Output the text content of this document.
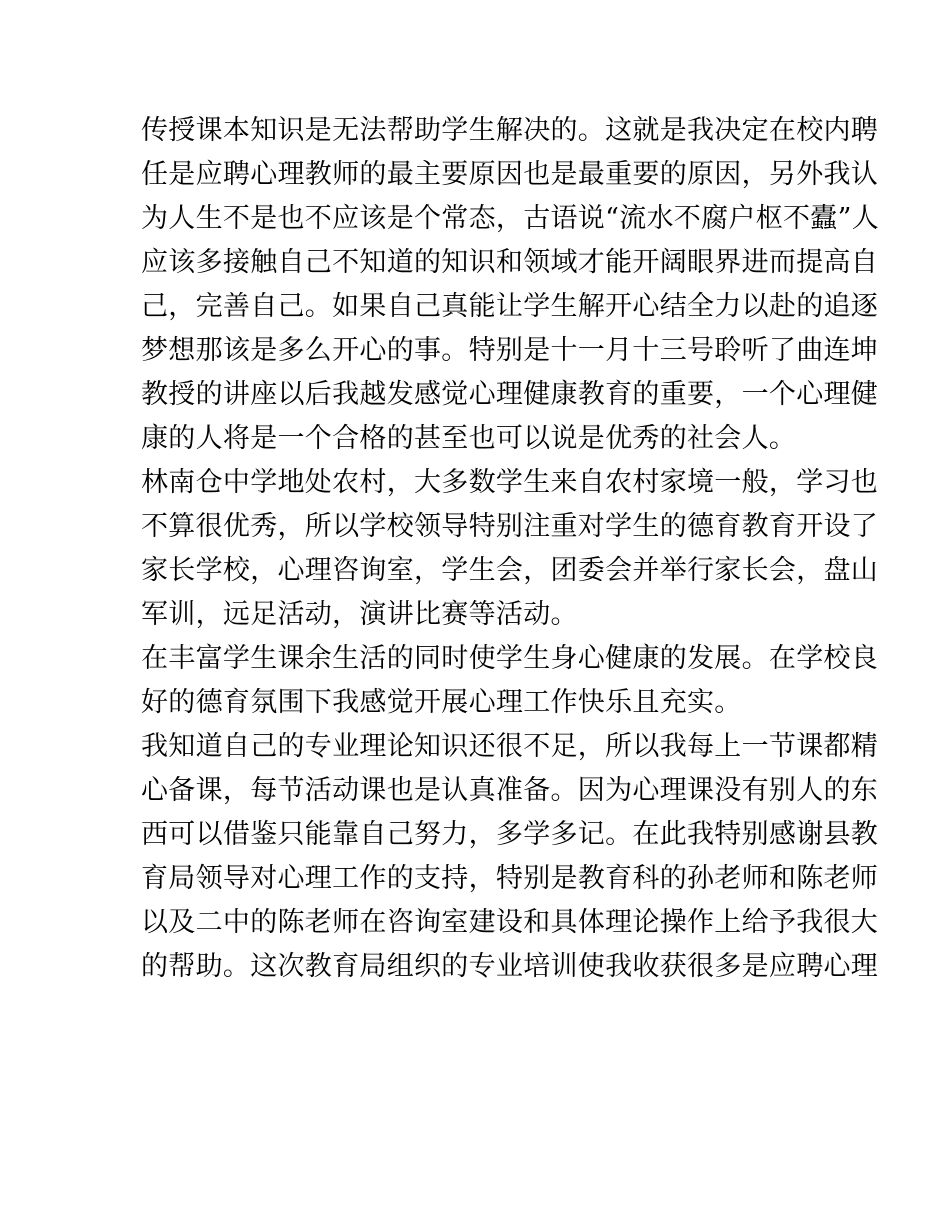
传授课本知识是无法帮助学生解决的。这就是我决定在校内聘
任是应聘心理教师的最主要原因也是最重要的原因，另外我认
为人生不是也不应该是个常态，古语说“流水不腐户枢不蠹”人
应该多接触自己不知道的知识和领域才能开阔眼界进而提高自
己，完善自己。如果自己真能让学生解开心结全力以赴的追逐
梦想那该是多么开心的事。特别是十一月十三号聆听了曲连坤
教授的讲座以后我越发感觉心理健康教育的重要，一个心理健
康的人将是一个合格的甚至也可以说是优秀的社会人。
林南仓中学地处农村，大多数学生来自农村家境一般，学习也
不算很优秀，所以学校领导特别注重对学生的德育教育开设了
家长学校，心理咨询室，学生会，团委会并举行家长会，盘山
军训，远足活动，演讲比赛等活动。
在丰富学生课余生活的同时使学生身心健康的发展。在学校良
好的德育氛围下我感觉开展心理工作快乐且充实。
我知道自己的专业理论知识还很不足，所以我每上一节课都精
心备课，每节活动课也是认真准备。因为心理课没有别人的东
西可以借鉴只能靠自己努力，多学多记。在此我特别感谢县教
育局领导对心理工作的支持，特别是教育科的孙老师和陈老师
以及二中的陈老师在咨询室建设和具体理论操作上给予我很大
的帮助。这次教育局组织的专业培训使我收获很多是应聘心理
